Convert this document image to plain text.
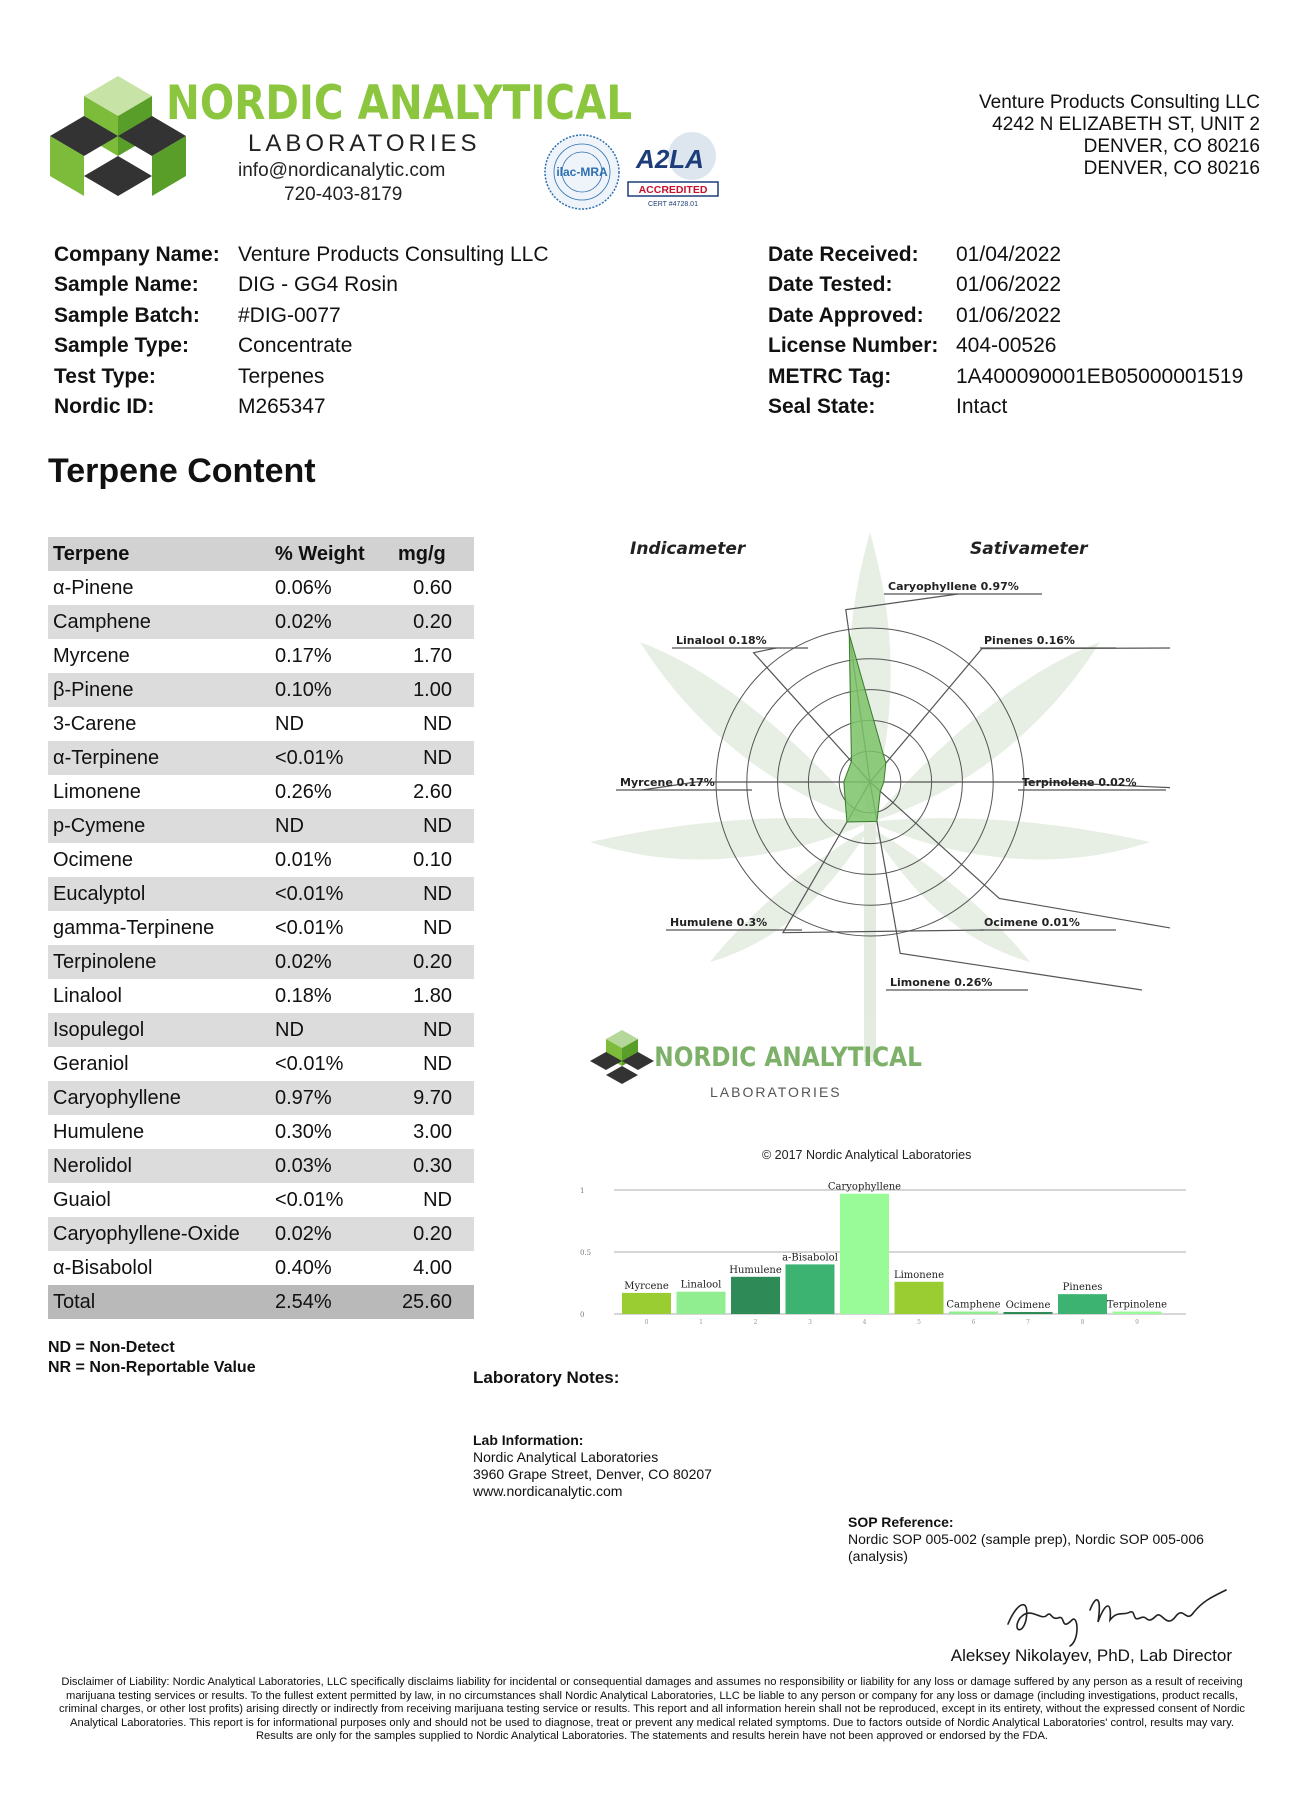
NORDIC ANALYTICAL
LABORATORIES
info@nordicanalytic.com
720-403-8179
ilac-MRA A2LA
ACCREDITED
CERT #4728.01
Venture Products Consulting LLC
4242 N ELIZABETH ST, UNIT 2
DENVER, CO 80216
DENVER, CO 80216
Company Name: Venture Products Consulting LLC
Sample Name:	DIG - GG4 Rosin
Sample Batch:	#DIG-0077
Sample Type:	Concentrate
Test Type:	Terpenes
Nordic ID:	M265347
Date Received:	01/04/2022
Date Tested:	01/06/2022
Date Approved:	01/06/2022
License Number: 404-00526
METRC Tag:	1A400090001EB05000001519
Seal State:	Intact
Terpene Content
Terpene	% Weight	mg/g
α-Pinene	0.06%	0.60
Camphene	0.02%	0.20
Myrcene	0.17%	1.70
β-Pinene	0.10%	1.00
3-Carene	ND	ND
α-Terpinene	<0.01%	ND
Limonene	0.26%	2.60
p-Cymene	ND	ND
Ocimene	0.01%	0.10
Eucalyptol	<0.01%	ND
gamma-Terpinene	<0.01%	ND
Terpinolene	0.02%	0.20
Linalool	0.18%	1.80
Isopulegol	ND	ND
Geraniol	<0.01%	ND
Caryophyllene	0.97%	9.70
Humulene	0.30%	3.00
Nerolidol	0.03%	0.30
Guaiol	<0.01%	ND
Caryophyllene-Oxide	0.02%	0.20
α-Bisabolol	0.40%	4.00
Total	2.54%	25.60
ND = Non-Detect
NR = Non-Reportable Value
Indicameter	Sativameter
Caryophyllene 0.97%
Pinenes 0.16%
Terpinolene 0.02%
Ocimene 0.01%
Limonene 0.26%
Humulene 0.3%
Myrcene 0.17%
Linalool 0.18%
NORDIC ANALYTICAL
LABORATORIES
© 2017 Nordic Analytical Laboratories
1
0.5
0
Myrcene
0
Linalool
1
Humulene
2
a-Bisabolol
3
Caryophyllene
4
Limonene
5
Camphene
6
Ocimene
7
Pinenes
8
Terpinolene
9
Laboratory Notes:
Lab Information:
Nordic Analytical Laboratories
3960 Grape Street, Denver, CO 80207
www.nordicanalytic.com
SOP Reference:
Nordic SOP 005-002 (sample prep), Nordic SOP 005-006 (analysis)
Aleksey Nikolayev, PhD, Lab Director
Disclaimer of Liability: Nordic Analytical Laboratories, LLC specifically disclaims liability for incidental or consequential damages and assumes no responsibility or liability for any loss or damage suffered by any person as a result of receiving marijuana testing services or results. To the fullest extent permitted by law, in no circumstances shall Nordic Analytical Laboratories, LLC be liable to any person or company for any loss or damage (including investigations, product recalls, criminal charges, or other lost profits) arising directly or indirectly from receiving marijuana testing service or results. This report and all information herein shall not be reproduced, except in its entirety, without the expressed consent of Nordic Analytical Laboratories. This report is for informational purposes only and should not be used to diagnose, treat or prevent any medical related symptoms. Due to factors outside of Nordic Analytical Laboratories' control, results may vary. Results are only for the samples supplied to Nordic Analytical Laboratories. The statements and results herein have not been approved or endorsed by the FDA.
